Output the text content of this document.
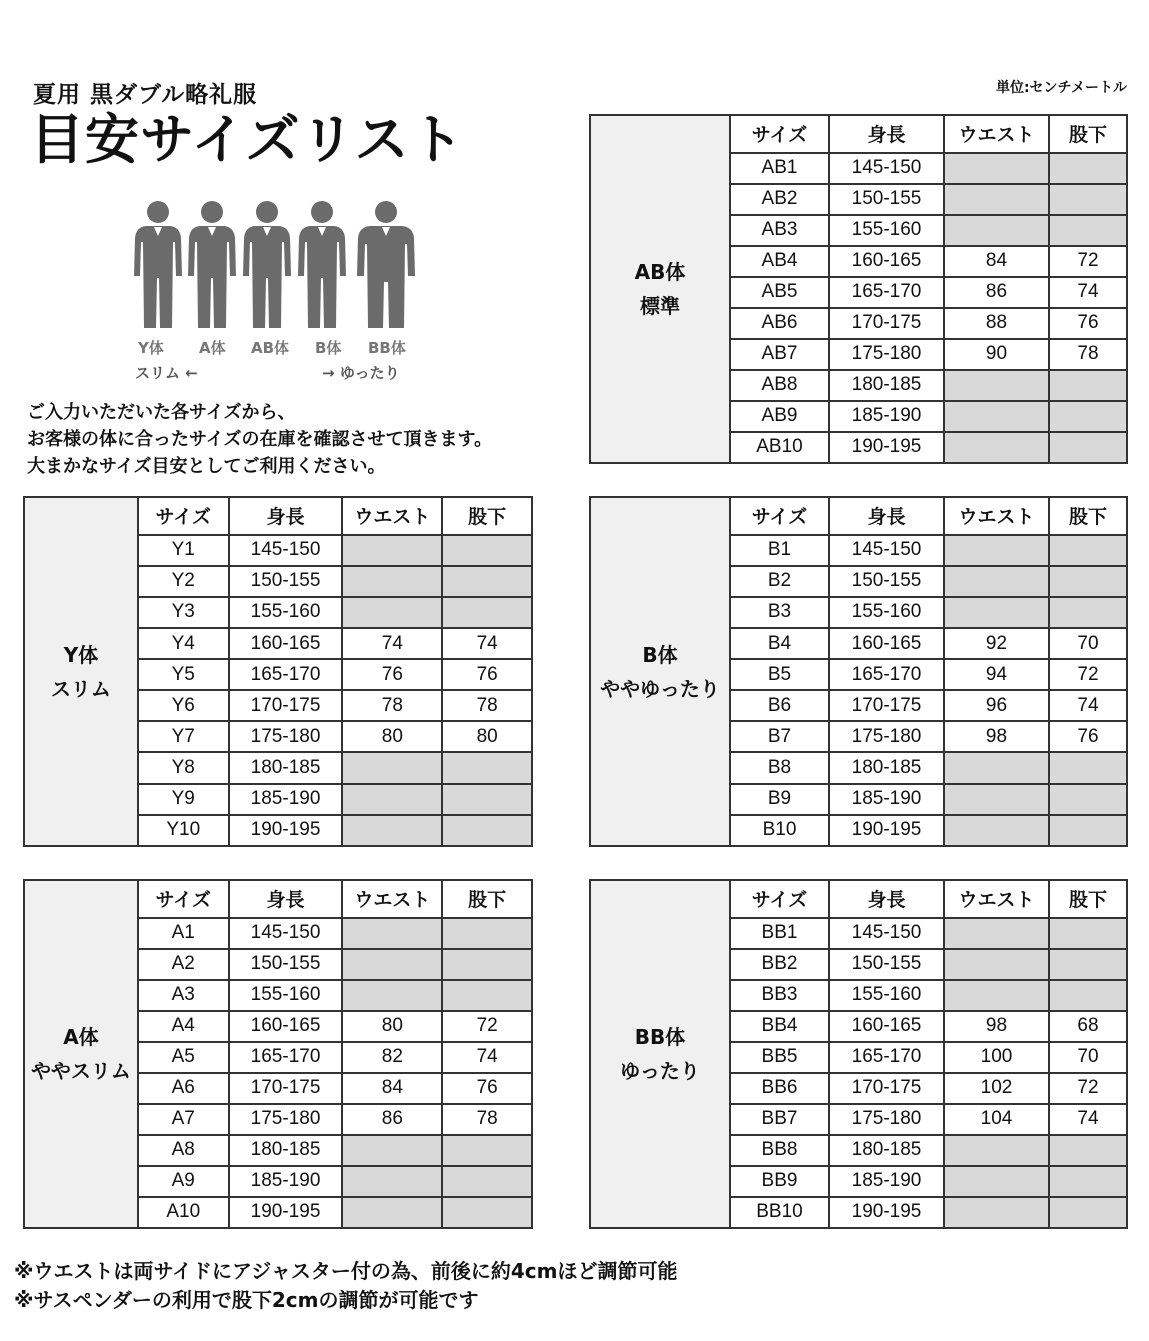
夏用 黒ダブル略礼服
目安サイズリスト
単位:センチメートル
Y体 A体 AB体 B体 BB体
スリム ←	→ ゆったり
ご入力いただいた各サイズから、
お客様の体に合ったサイズの在庫を確認させて頂きます。
大まかなサイズ目安としてご利用ください。
AB体
標準	サイズ	身長	ウエスト	股下
	AB1	145-150		
	AB2	150-155		
	AB3	155-160		
	AB4	160-165	84	72
	AB5	165-170	86	74
	AB6	170-175	88	76
	AB7	175-180	90	78
	AB8	180-185		
	AB9	185-190		
	AB10	190-195		
Y体
スリム	サイズ	身長	ウエスト	股下
	Y1	145-150		
	Y2	150-155		
	Y3	155-160		
	Y4	160-165	74	74
	Y5	165-170	76	76
	Y6	170-175	78	78
	Y7	175-180	80	80
	Y8	180-185		
	Y9	185-190		
	Y10	190-195		
B体
ややゆったり	サイズ	身長	ウエスト	股下
	B1	145-150		
	B2	150-155		
	B3	155-160		
	B4	160-165	92	70
	B5	165-170	94	72
	B6	170-175	96	74
	B7	175-180	98	76
	B8	180-185		
	B9	185-190		
	B10	190-195		
A体
ややスリム	サイズ	身長	ウエスト	股下
	A1	145-150		
	A2	150-155		
	A3	155-160		
	A4	160-165	80	72
	A5	165-170	82	74
	A6	170-175	84	76
	A7	175-180	86	78
	A8	180-185		
	A9	185-190		
	A10	190-195		
BB体
ゆったり	サイズ	身長	ウエスト	股下
	BB1	145-150		
	BB2	150-155		
	BB3	155-160		
	BB4	160-165	98	68
	BB5	165-170	100	70
	BB6	170-175	102	72
	BB7	175-180	104	74
	BB8	180-185		
	BB9	185-190		
	BB10	190-195		
※ウエストは両サイドにアジャスター付の為、前後に約4cmほど調節可能
※サスペンダーの利用で股下2cmの調節が可能です
